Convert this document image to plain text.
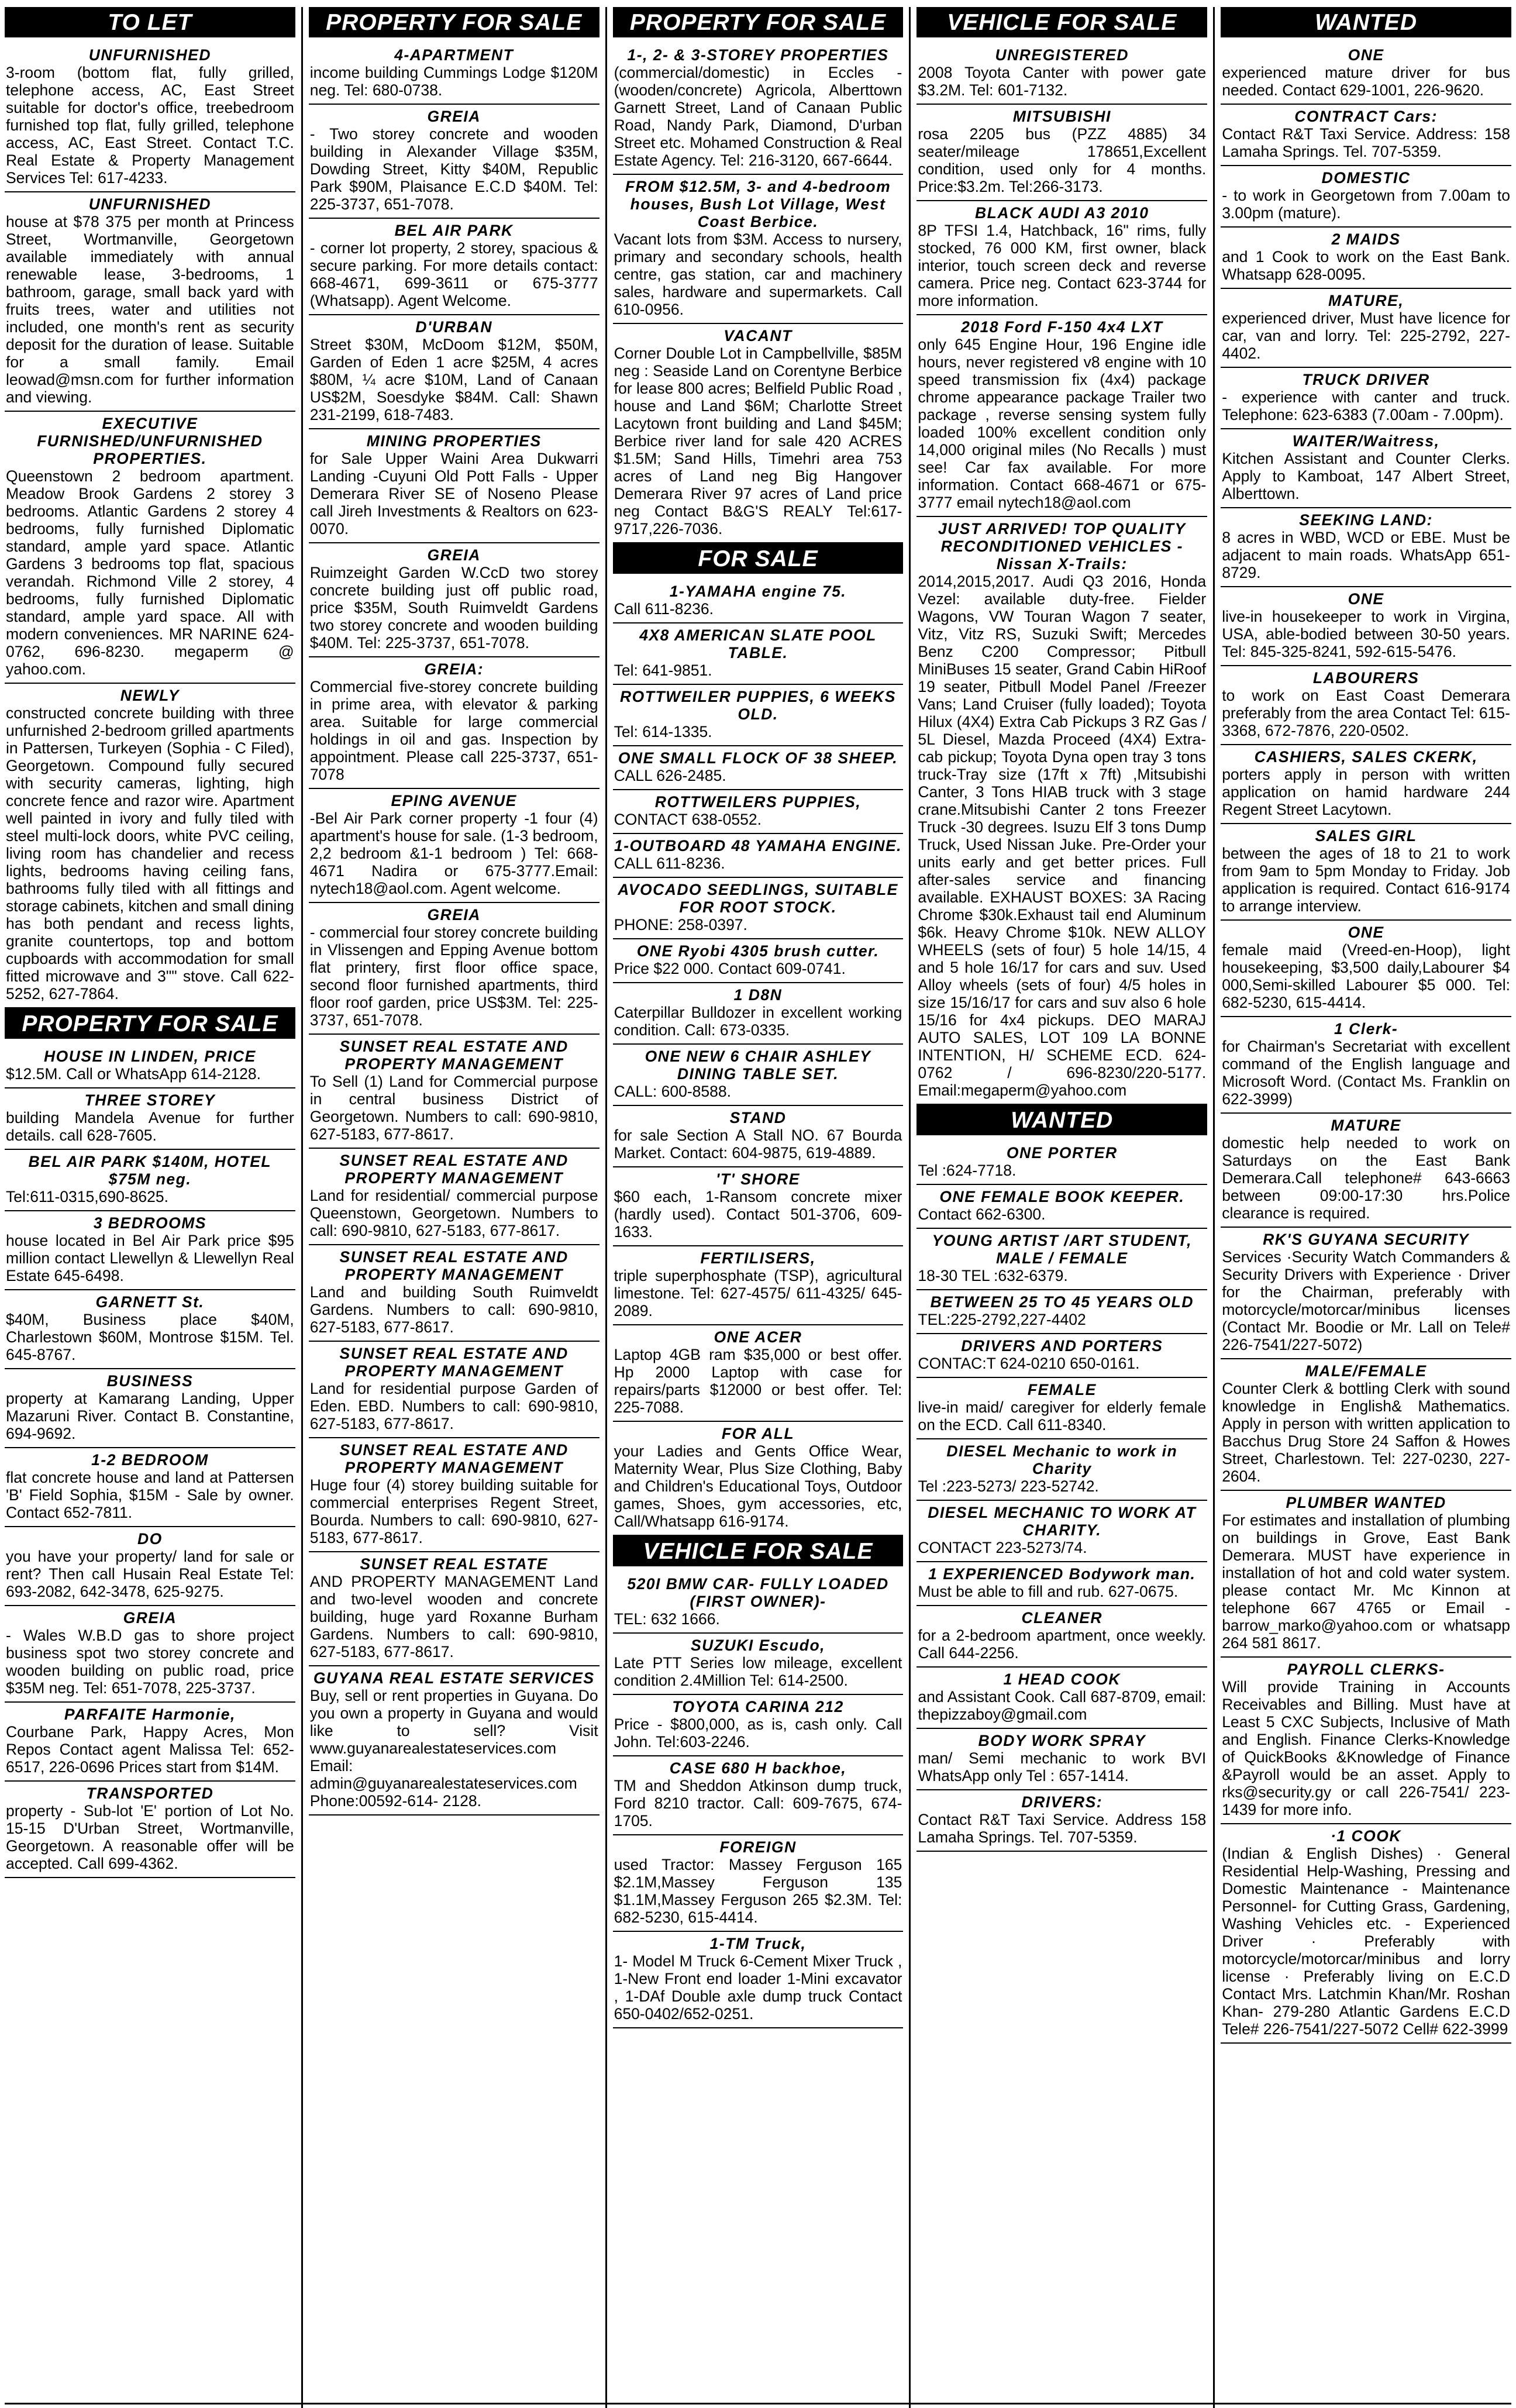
TO LET
UNFURNISHED
3-room (bottom flat, fully grilled, telephone access, AC, East Street suitable for doctor's office, treebedroom furnished top flat, fully grilled, telephone access, AC, East Street. Contact T.C. Real Estate & Property Management Services Tel: 617-4233.
UNFURNISHED
house at $78 375 per month at Princess Street, Wortmanville, Georgetown available immediately with annual renewable lease, 3-bedrooms, 1 bathroom, garage, small back yard with fruits trees, water and utilities not included, one month's rent as security deposit for the duration of lease. Suitable for a small family. Email leowad@msn.com for further information and viewing.
EXECUTIVE FURNISHED/UNFURNISHED PROPERTIES.
Queenstown 2 bedroom apartment. Meadow Brook Gardens 2 storey 3 bedrooms. Atlantic Gardens 2 storey 4 bedrooms, fully furnished Diplomatic standard, ample yard space. Atlantic Gardens 3 bedrooms top flat, spacious verandah. Richmond Ville 2 storey, 4 bedrooms, fully furnished Diplomatic standard, ample yard space. All with modern conveniences. MR NARINE 624-0762, 696-8230. megaperm @ yahoo.com.
NEWLY
constructed concrete building with three unfurnished 2-bedroom grilled apartments in Pattersen, Turkeyen (Sophia - C Filed), Georgetown. Compound fully secured with security cameras, lighting, high concrete fence and razor wire. Apartment well painted in ivory and fully tiled with steel multi-lock doors, white PVC ceiling, living room has chandelier and recess lights, bedrooms having ceiling fans, bathrooms fully tiled with all fittings and storage cabinets, kitchen and small dining has both pendant and recess lights, granite countertops, top and bottom cupboards with accommodation for small fitted microwave and 3"" stove. Call 622-5252, 627-7864.
PROPERTY FOR SALE
HOUSE IN LINDEN, PRICE
$12.5M. Call or WhatsApp 614-2128.
THREE STOREY
building Mandela Avenue for further details. call 628-7605.
BEL AIR PARK $140M, HOTEL $75M neg.
Tel:611-0315,690-8625.
3 BEDROOMS
house located in Bel Air Park price $95 million contact Llewellyn & Llewellyn Real Estate 645-6498.
GARNETT St.
$40M, Business place $40M, Charlestown $60M, Montrose $15M. Tel. 645-8767.
BUSINESS
property at Kamarang Landing, Upper Mazaruni River. Contact B. Constantine, 694-9692.
1-2 BEDROOM
flat concrete house and land at Pattersen 'B' Field Sophia, $15M - Sale by owner. Contact 652-7811.
DO
you have your property/ land for sale or rent? Then call Husain Real Estate Tel: 693-2082, 642-3478, 625-9275.
GREIA
- Wales W.B.D gas to shore project business spot two storey concrete and wooden building on public road, price $35M neg. Tel: 651-7078, 225-3737.
PARFAITE Harmonie,
Courbane Park, Happy Acres, Mon Repos Contact agent Malissa Tel: 652-6517, 226-0696 Prices start from $14M.
TRANSPORTED
property - Sub-lot 'E' portion of Lot No. 15-15 D'Urban Street, Wortmanville, Georgetown. A reasonable offer will be accepted. Call 699-4362.
PROPERTY FOR SALE
4-APARTMENT
income building Cummings Lodge $120M neg. Tel: 680-0738.
GREIA
- Two storey concrete and wooden building in Alexander Village $35M, Dowding Street, Kitty $40M, Republic Park $90M, Plaisance E.C.D $40M. Tel: 225-3737, 651-7078.
BEL AIR PARK
- corner lot property, 2 storey, spacious & secure parking. For more details contact: 668-4671, 699-3611 or 675-3777 (Whatsapp). Agent Welcome.
D'URBAN
Street $30M, McDoom $12M, $50M, Garden of Eden 1 acre $25M, 4 acres $80M, ¼ acre $10M, Land of Canaan US$2M, Soesdyke $84M. Call: Shawn 231-2199, 618-7483.
MINING PROPERTIES
for Sale Upper Waini Area Dukwarri Landing -Cuyuni Old Pott Falls - Upper Demerara River SE of Noseno Please call Jireh Investments & Realtors on 623-0070.
GREIA
Ruimzeight Garden W.CcD two storey concrete building just off public road, price $35M, South Ruimveldt Gardens two storey concrete and wooden building $40M. Tel: 225-3737, 651-7078.
GREIA:
Commercial five-storey concrete building in prime area, with elevator & parking area. Suitable for large commercial holdings in oil and gas. Inspection by appointment. Please call 225-3737, 651-7078
EPING AVENUE
-Bel Air Park corner property -1 four (4) apartment's house for sale. (1-3 bedroom, 2,2 bedroom &1-1 bedroom ) Tel: 668-4671 Nadira or 675-3777.Email: nytech18@aol.com. Agent welcome.
GREIA
- commercial four storey concrete building in Vlissengen and Epping Avenue bottom flat printery, first floor office space, second floor furnished apartments, third floor roof garden, price US$3M. Tel: 225-3737, 651-7078.
SUNSET REAL ESTATE AND PROPERTY MANAGEMENT
To Sell (1) Land for Commercial purpose in central business District of Georgetown. Numbers to call: 690-9810, 627-5183, 677-8617.
SUNSET REAL ESTATE AND PROPERTY MANAGEMENT
Land for residential/ commercial purpose Queenstown, Georgetown. Numbers to call: 690-9810, 627-5183, 677-8617.
SUNSET REAL ESTATE AND PROPERTY MANAGEMENT
Land and building South Ruimveldt Gardens. Numbers to call: 690-9810, 627-5183, 677-8617.
SUNSET REAL ESTATE AND PROPERTY MANAGEMENT
Land for residential purpose Garden of Eden. EBD. Numbers to call: 690-9810, 627-5183, 677-8617.
SUNSET REAL ESTATE AND PROPERTY MANAGEMENT
Huge four (4) storey building suitable for commercial enterprises Regent Street, Bourda. Numbers to call: 690-9810, 627-5183, 677-8617.
SUNSET REAL ESTATE
AND PROPERTY MANAGEMENT Land and two-level wooden and concrete building, huge yard Roxanne Burham Gardens. Numbers to call: 690-9810, 627-5183, 677-8617.
GUYANA REAL ESTATE SERVICES
Buy, sell or rent properties in Guyana. Do you own a property in Guyana and would like to sell? Visit www.guyanarealestateservices.com Email: admin@guyanarealestateservices.com Phone:00592-614- 2128.
PROPERTY FOR SALE
1-, 2- & 3-STOREY PROPERTIES
(commercial/domestic) in Eccles - (wooden/concrete) Agricola, Alberttown Garnett Street, Land of Canaan Public Road, Nandy Park, Diamond, D'urban Street etc. Mohamed Construction & Real Estate Agency. Tel: 216-3120, 667-6644.
FROM $12.5M, 3- and 4-bedroom houses, Bush Lot Village, West Coast Berbice.
Vacant lots from $3M. Access to nursery, primary and secondary schools, health centre, gas station, car and machinery sales, hardware and supermarkets. Call 610-0956.
VACANT
Corner Double Lot in Campbellville, $85M neg : Seaside Land on Corentyne Berbice for lease 800 acres; Belfield Public Road , house and Land $6M; Charlotte Street Lacytown front building and Land $45M; Berbice river land for sale 420 ACRES $1.5M; Sand Hills, Timehri area 753 acres of Land neg Big Hangover Demerara River 97 acres of Land price neg Contact B&G'S REALY Tel:617-9717,226-7036.
FOR SALE
1-YAMAHA engine 75.
Call 611-8236.
4X8 AMERICAN SLATE POOL TABLE.
Tel: 641-9851.
ROTTWEILER PUPPIES, 6 WEEKS OLD.
Tel: 614-1335.
ONE SMALL FLOCK OF 38 SHEEP.
CALL 626-2485.
ROTTWEILERS PUPPIES,
CONTACT 638-0552.
1-OUTBOARD 48 YAMAHA ENGINE.
CALL 611-8236.
AVOCADO SEEDLINGS, SUITABLE FOR ROOT STOCK.
PHONE: 258-0397.
ONE Ryobi 4305 brush cutter.
Price $22 000. Contact 609-0741.
1 D8N
Caterpillar Bulldozer in excellent working condition. Call: 673-0335.
ONE NEW 6 CHAIR ASHLEY DINING TABLE SET.
CALL: 600-8588.
STAND
for sale Section A Stall NO. 67 Bourda Market. Contact: 604-9875, 619-4889.
'T' SHORE
$60 each, 1-Ransom concrete mixer (hardly used). Contact 501-3706, 609-1633.
FERTILISERS,
triple superphosphate (TSP), agricultural limestone. Tel: 627-4575/ 611-4325/ 645-2089.
ONE ACER
Laptop 4GB ram $35,000 or best offer. Hp 2000 Laptop with case for repairs/parts $12000 or best offer. Tel: 225-7088.
FOR ALL
your Ladies and Gents Office Wear, Maternity Wear, Plus Size Clothing, Baby and Children's Educational Toys, Outdoor games, Shoes, gym accessories, etc, Call/Whatsapp 616-9174.
VEHICLE FOR SALE
520I BMW CAR- FULLY LOADED (FIRST OWNER)-
TEL: 632 1666.
SUZUKI Escudo,
Late PTT Series low mileage, excellent condition 2.4Million Tel: 614-2500.
TOYOTA CARINA 212
Price - $800,000, as is, cash only. Call John. Tel:603-2246.
CASE 680 H backhoe,
TM and Sheddon Atkinson dump truck, Ford 8210 tractor. Call: 609-7675, 674-1705.
FOREIGN
used Tractor: Massey Ferguson 165 $2.1M,Massey Ferguson 135 $1.1M,Massey Ferguson 265 $2.3M. Tel: 682-5230, 615-4414.
1-TM Truck,
1- Model M Truck 6-Cement Mixer Truck , 1-New Front end loader 1-Mini excavator , 1-DAf Double axle dump truck Contact 650-0402/652-0251.
VEHICLE FOR SALE
UNREGISTERED
2008 Toyota Canter with power gate $3.2M. Tel: 601-7132.
MITSUBISHI
rosa 2205 bus (PZZ 4885) 34 seater/mileage 178651,Excellent condition, used only for 4 months. Price:$3.2m. Tel:266-3173.
BLACK AUDI A3 2010
8P TFSI 1.4, Hatchback, 16" rims, fully stocked, 76 000 KM, first owner, black interior, touch screen deck and reverse camera. Price neg. Contact 623-3744 for more information.
2018 Ford F-150 4x4 LXT
only 645 Engine Hour, 196 Engine idle hours, never registered v8 engine with 10 speed transmission fix (4x4) package chrome appearance package Trailer two package , reverse sensing system fully loaded 100% excellent condition only 14,000 original miles (No Recalls ) must see! Car fax available. For more information. Contact 668-4671 or 675-3777 email nytech18@aol.com
JUST ARRIVED! TOP QUALITY RECONDITIONED VEHICLES - Nissan X-Trails:
2014,2015,2017. Audi Q3 2016, Honda Vezel: available duty-free. Fielder Wagons, VW Touran Wagon 7 seater, Vitz, Vitz RS, Suzuki Swift; Mercedes Benz C200 Compressor; Pitbull MiniBuses 15 seater, Grand Cabin HiRoof 19 seater, Pitbull Model Panel /Freezer Vans; Land Cruiser (fully loaded); Toyota Hilux (4X4) Extra Cab Pickups 3 RZ Gas / 5L Diesel, Mazda Proceed (4X4) Extra-cab pickup; Toyota Dyna open tray 3 tons truck-Tray size (17ft x 7ft) ,Mitsubishi Canter, 3 Tons HIAB truck with 3 stage crane.Mitsubishi Canter 2 tons Freezer Truck -30 degrees. Isuzu Elf 3 tons Dump Truck, Used Nissan Juke. Pre-Order your units early and get better prices. Full after-sales service and financing available. EXHAUST BOXES: 3A Racing Chrome $30k.Exhaust tail end Aluminum $6k. Heavy Chrome $10k. NEW ALLOY WHEELS (sets of four) 5 hole 14/15, 4 and 5 hole 16/17 for cars and suv. Used Alloy wheels (sets of four) 4/5 holes in size 15/16/17 for cars and suv also 6 hole 15/16 for 4x4 pickups. DEO MARAJ AUTO SALES, LOT 109 LA BONNE INTENTION, H/ SCHEME ECD. 624-0762 / 696-8230/220-5177. Email:megaperm@yahoo.com
WANTED
ONE PORTER
Tel :624-7718.
ONE FEMALE BOOK KEEPER.
Contact 662-6300.
YOUNG ARTIST /ART STUDENT, MALE / FEMALE
18-30 TEL :632-6379.
BETWEEN 25 TO 45 YEARS OLD
TEL:225-2792,227-4402
DRIVERS AND PORTERS
CONTAC:T 624-0210 650-0161.
FEMALE
live-in maid/ caregiver for elderly female on the ECD. Call 611-8340.
DIESEL Mechanic to work in Charity
Tel :223-5273/ 223-52742.
DIESEL MECHANIC TO WORK AT CHARITY.
CONTACT 223-5273/74.
1 EXPERIENCED Bodywork man.
Must be able to fill and rub. 627-0675.
CLEANER
for a 2-bedroom apartment, once weekly. Call 644-2256.
1 HEAD COOK
and Assistant Cook. Call 687-8709, email: thepizzaboy@gmail.com
BODY WORK SPRAY
man/ Semi mechanic to work BVI WhatsApp only Tel : 657-1414.
DRIVERS:
Contact R&T Taxi Service. Address 158 Lamaha Springs. Tel. 707-5359.
WANTED
ONE
experienced mature driver for bus needed. Contact 629-1001, 226-9620.
CONTRACT Cars:
Contact R&T Taxi Service. Address: 158 Lamaha Springs. Tel. 707-5359.
DOMESTIC
- to work in Georgetown from 7.00am to 3.00pm (mature).
2 MAIDS
and 1 Cook to work on the East Bank. Whatsapp 628-0095.
MATURE,
experienced driver, Must have licence for car, van and lorry. Tel: 225-2792, 227-4402.
TRUCK DRIVER
- experience with canter and truck. Telephone: 623-6383 (7.00am - 7.00pm).
WAITER/Waitress,
Kitchen Assistant and Counter Clerks. Apply to Kamboat, 147 Albert Street, Alberttown.
SEEKING LAND:
8 acres in WBD, WCD or EBE. Must be adjacent to main roads. WhatsApp 651-8729.
ONE
live-in housekeeper to work in Virgina, USA, able-bodied between 30-50 years. Tel: 845-325-8241, 592-615-5476.
LABOURERS
to work on East Coast Demerara preferably from the area Contact Tel: 615-3368, 672-7876, 220-0502.
CASHIERS, SALES CKERK,
porters apply in person with written application on hamid hardware 244 Regent Street Lacytown.
SALES GIRL
between the ages of 18 to 21 to work from 9am to 5pm Monday to Friday. Job application is required. Contact 616-9174 to arrange interview.
ONE
female maid (Vreed-en-Hoop), light housekeeping, $3,500 daily,Labourer $4 000,Semi-skilled Labourer $5 000. Tel: 682-5230, 615-4414.
1 Clerk-
for Chairman's Secretariat with excellent command of the English language and Microsoft Word. (Contact Ms. Franklin on 622-3999)
MATURE
domestic help needed to work on Saturdays on the East Bank Demerara.Call telephone# 643-6663 between 09:00-17:30 hrs.Police clearance is required.
RK'S GUYANA SECURITY
Services ·Security Watch Commanders & Security Drivers with Experience · Driver for the Chairman, preferably with motorcycle/motorcar/minibus licenses (Contact Mr. Boodie or Mr. Lall on Tele# 226-7541/227-5072)
MALE/FEMALE
Counter Clerk & bottling Clerk with sound knowledge in English& Mathematics. Apply in person with written application to Bacchus Drug Store 24 Saffon & Howes Street, Charlestown. Tel: 227-0230, 227-2604.
PLUMBER WANTED
For estimates and installation of plumbing on buildings in Grove, East Bank Demerara. MUST have experience in installation of hot and cold water system. please contact Mr. Mc Kinnon at telephone 667 4765 or Email - barrow_marko@yahoo.com or whatsapp 264 581 8617.
PAYROLL CLERKS-
Will provide Training in Accounts Receivables and Billing. Must have at Least 5 CXC Subjects, Inclusive of Math and English. Finance Clerks-Knowledge of QuickBooks &Knowledge of Finance &Payroll would be an asset. Apply to rks@security.gy or call 226-7541/ 223-1439 for more info.
·1 COOK
(Indian & English Dishes) · General Residential Help-Washing, Pressing and Domestic Maintenance - Maintenance Personnel- for Cutting Grass, Gardening, Washing Vehicles etc. - Experienced Driver · Preferably with motorcycle/motorcar/minibus and lorry license · Preferably living on E.C.D Contact Mrs. Latchmin Khan/Mr. Roshan Khan- 279-280 Atlantic Gardens E.C.D Tele# 226-7541/227-5072 Cell# 622-3999
